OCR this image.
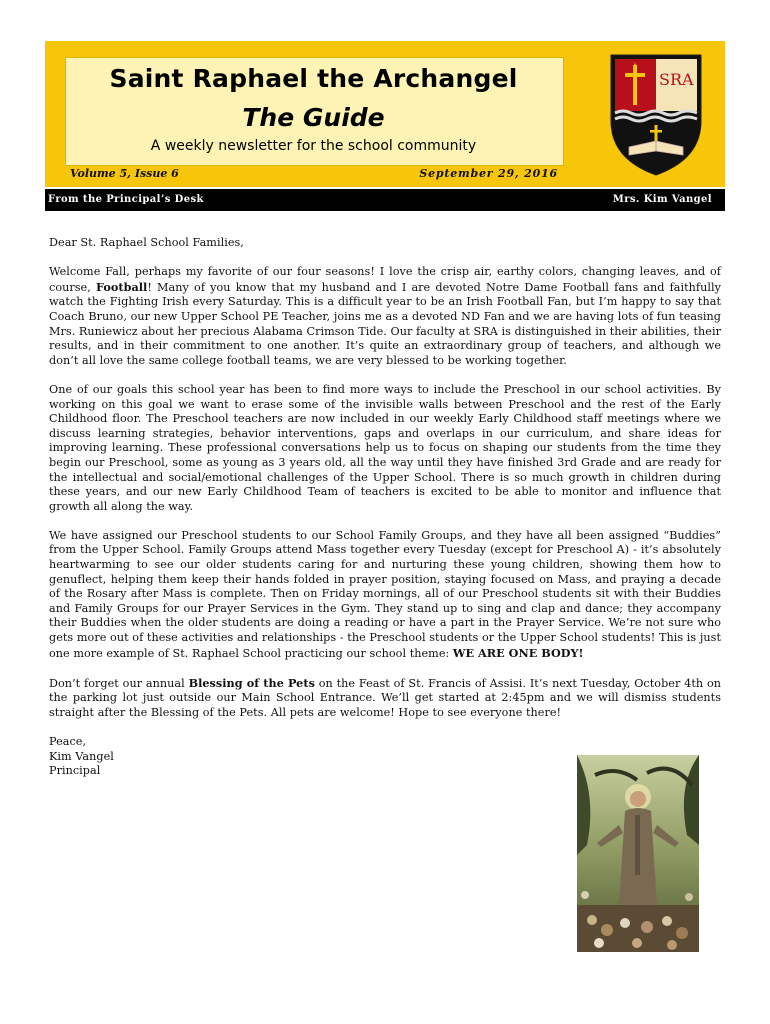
Saint Raphael the Archangel
The Guide
A weekly newsletter for the school community
Volume 5, Issue 6	September 29, 2016
SRA
From the Principal’s Desk	Mrs. Kim Vangel

Dear St. Raphael School Families,

Welcome Fall, perhaps my favorite of our four seasons! I love the crisp air, earthy colors, changing leaves, and of course, Football! Many of you know that my husband and I are devoted Notre Dame Football fans and faithfully watch the Fighting Irish every Saturday. This is a difficult year to be an Irish Football Fan, but I’m happy to say that Coach Bruno, our new Upper School PE Teacher, joins me as a devoted ND Fan and we are having lots of fun teasing Mrs. Runiewicz about her precious Alabama Crimson Tide. Our faculty at SRA is distinguished in their abilities, their results, and in their commitment to one another. It’s quite an extraordinary group of teachers, and although we don’t all love the same college football teams, we are very blessed to be working together.

One of our goals this school year has been to find more ways to include the Preschool in our school activities. By working on this goal we want to erase some of the invisible walls between Preschool and the rest of the Early Childhood floor. The Preschool teachers are now included in our weekly Early Childhood staff meetings where we discuss learning strategies, behavior interventions, gaps and overlaps in our curriculum, and share ideas for improving learning. These professional conversations help us to focus on shaping our students from the time they begin our Preschool, some as young as 3 years old, all the way until they have finished 3rd Grade and are ready for the intellectual and social/emotional challenges of the Upper School. There is so much growth in children during these years, and our new Early Childhood Team of teachers is excited to be able to monitor and influence that growth all along the way.

We have assigned our Preschool students to our School Family Groups, and they have all been assigned “Buddies” from the Upper School. Family Groups attend Mass together every Tuesday (except for Preschool A) - it’s absolutely heartwarming to see our older students caring for and nurturing these young children, showing them how to genuflect, helping them keep their hands folded in prayer position, staying focused on Mass, and praying a decade of the Rosary after Mass is complete. Then on Friday mornings, all of our Preschool students sit with their Buddies and Family Groups for our Prayer Services in the Gym. They stand up to sing and clap and dance; they accompany their Buddies when the older students are doing a reading or have a part in the Prayer Service. We’re not sure who gets more out of these activities and relationships - the Preschool students or the Upper School students! This is just one more example of St. Raphael School practicing our school theme: WE ARE ONE BODY!

Don’t forget our annual Blessing of the Pets on the Feast of St. Francis of Assisi. It’s next Tuesday, October 4th on the parking lot just outside our Main School Entrance. We’ll get started at 2:45pm and we will dismiss students straight after the Blessing of the Pets. All pets are welcome! Hope to see everyone there!

Peace,
Kim Vangel
Principal
